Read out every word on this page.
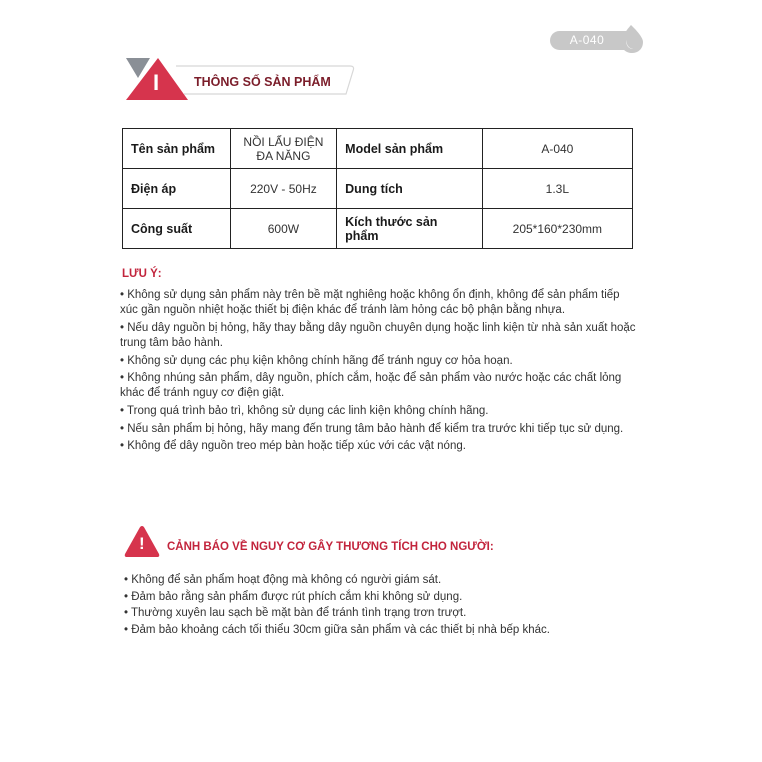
A-040
I	THÔNG SỐ SẢN PHẨM
Tên sản phẩm	NỒI LẨU ĐIỆN ĐA NĂNG	Model sản phẩm	A-040
Điện áp	220V - 50Hz	Dung tích	1.3L
Công suất	600W	Kích thước sản phẩm	205*160*230mm
LƯU Ý:
• Không sử dụng sản phẩm này trên bề mặt nghiêng hoặc không ổn định, không để sản phẩm tiếp xúc gần nguồn nhiệt hoặc thiết bị điện khác để tránh làm hỏng các bộ phận bằng nhựa.
• Nếu dây nguồn bị hỏng, hãy thay bằng dây nguồn chuyên dụng hoặc linh kiện từ nhà sản xuất hoặc trung tâm bảo hành.
• Không sử dụng các phụ kiện không chính hãng để tránh nguy cơ hỏa hoạn.
• Không nhúng sản phẩm, dây nguồn, phích cắm, hoặc để sản phẩm vào nước hoặc các chất lỏng khác để tránh nguy cơ điện giật.
• Trong quá trình bảo trì, không sử dụng các linh kiện không chính hãng.
• Nếu sản phẩm bị hỏng, hãy mang đến trung tâm bảo hành để kiểm tra trước khi tiếp tục sử dụng.
• Không để dây nguồn treo mép bàn hoặc tiếp xúc với các vật nóng.
! CẢNH BÁO VỀ NGUY CƠ GÂY THƯƠNG TÍCH CHO NGƯỜI:
• Không để sản phẩm hoạt động mà không có người giám sát.
• Đảm bảo rằng sản phẩm được rút phích cắm khi không sử dụng.
• Thường xuyên lau sạch bề mặt bàn để tránh tình trạng trơn trượt.
• Đảm bảo khoảng cách tối thiểu 30cm giữa sản phẩm và các thiết bị nhà bếp khác.
